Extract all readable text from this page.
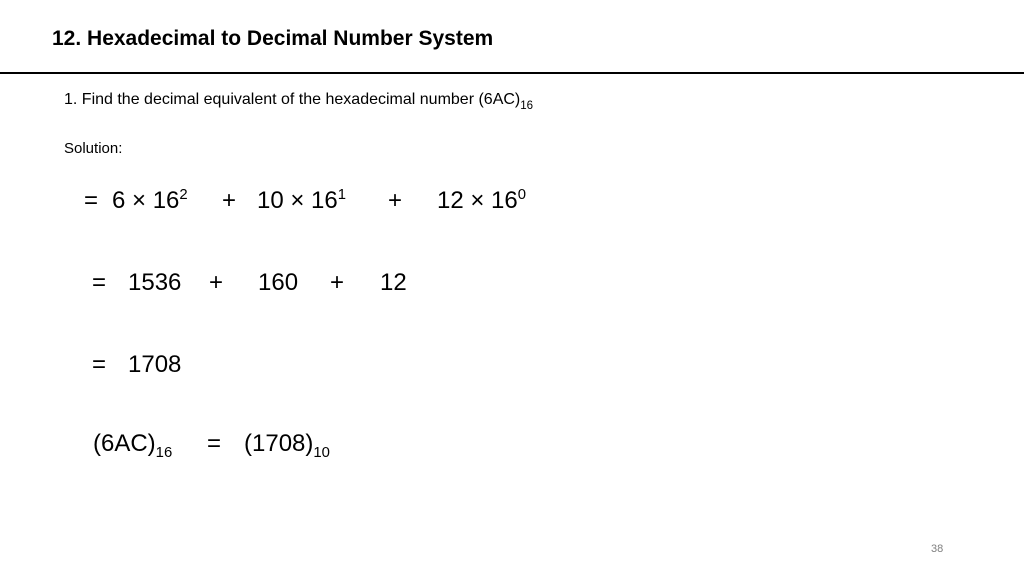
12. Hexadecimal to Decimal Number System
1. Find the decimal equivalent of the hexadecimal number $(6AC)_{16}$
Solution:
= $6 \times 16^2 + 10 \times 16^1 + 12 \times 16^0$
= 1536 + 160 + 12
= 1708
$(6AC)_{16} = (1708)_{10}$
38
